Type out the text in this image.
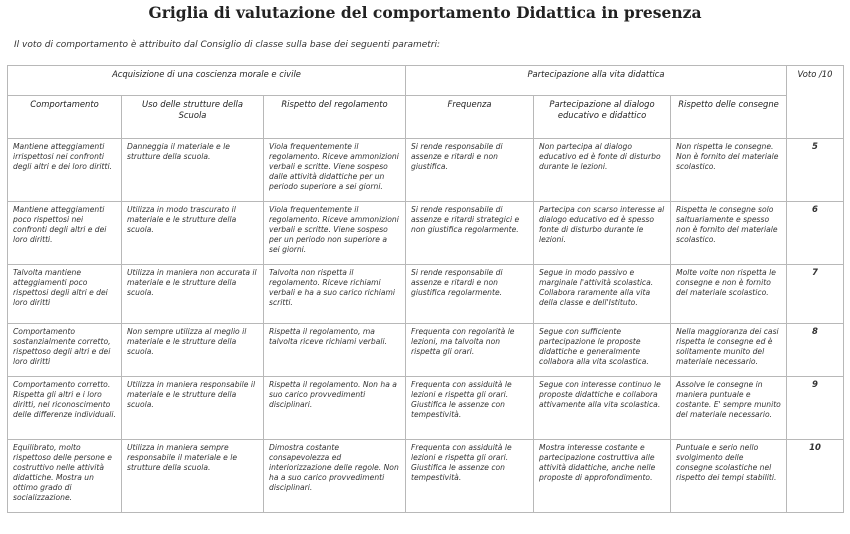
Griglia di valutazione del comportamento Didattica in presenza
Il voto di comportamento è attribuito dal Consiglio di classe sulla base dei seguenti parametri:
Acquisizione di una coscienza morale e civile			Partecipazione alla vita didattica			Voto /10
Comportamento	Uso delle strutture della Scuola	Rispetto del regolamento	Frequenza	Partecipazione al dialogo educativo e didattico	Rispetto delle consegne	
Mantiene atteggiamenti irrispettosi nei confronti degli altri e dei loro diritti.	Danneggia il materiale e le strutture della scuola.	Viola frequentemente il regolamento. Riceve ammonizioni verbali e scritte. Viene sospeso dalle attività didattiche per un periodo superiore a sei giorni.	Si rende responsabile di assenze e ritardi e non giustifica.	Non partecipa al dialogo educativo ed è fonte di disturbo durante le lezioni.	Non rispetta le consegne. Non è fornito del materiale scolastico.	5
Mantiene atteggiamenti poco rispettosi nei confronti degli altri e dei loro diritti.	Utilizza in modo trascurato il materiale e le strutture della scuola.	Viola frequentemente il regolamento. Riceve ammonizioni verbali e scritte. Viene sospeso per un periodo non superiore a sei giorni.	Si rende responsabile di assenze e ritardi strategici e non giustifica regolarmente.	Partecipa con scarso interesse al dialogo educativo ed è spesso fonte di disturbo durante le lezioni.	Rispetta le consegne solo saltuariamente e spesso non è fornito del materiale scolastico.	6
Talvolta mantiene atteggiamenti poco rispettosi degli altri e dei loro diritti	Utilizza in maniera non accurata il materiale e le strutture della scuola.	Talvolta non rispetta il regolamento. Riceve richiami verbali e ha a suo carico richiami scritti.	Si rende responsabile di assenze e ritardi e non giustifica regolarmente.	Segue in modo passivo e marginale l'attività scolastica. Collabora raramente alla vita della classe e dell'Istituto.	Molte volte non rispetta le consegne e non è fornito del materiale scolastico.	7
Comportamento sostanzialmente corretto, rispettoso degli altri e dei loro diritti	Non sempre utilizza al meglio il materiale e le strutture della scuola.	Rispetta il regolamento, ma talvolta riceve richiami verbali.	Frequenta con regolarità le lezioni, ma talvolta non rispetta gli orari.	Segue con sufficiente partecipazione le proposte didattiche e generalmente collabora alla vita scolastica.	Nella maggioranza dei casi rispetta le consegne ed è solitamente munito del materiale necessario.	8
Comportamento corretto. Rispetta gli altri e i loro diritti, nel riconoscimento delle differenze individuali.	Utilizza in maniera responsabile il materiale e le strutture della scuola.	Rispetta il regolamento. Non ha a suo carico provvedimenti disciplinari.	Frequenta con assiduità le lezioni e rispetta gli orari. Giustifica le assenze con tempestività.	Segue con interesse continuo le proposte didattiche e collabora attivamente alla vita scolastica.	Assolve le consegne in maniera puntuale e costante. E' sempre munito del materiale necessario.	9
Equilibrato, molto rispettoso delle persone e costruttivo nelle attività didattiche. Mostra un ottimo grado di socializzazione.	Utilizza in maniera sempre responsabile il materiale e le strutture della scuola.	Dimostra costante consapevolezza ed interiorizzazione delle regole. Non ha a suo carico provvedimenti disciplinari.	Frequenta con assiduità le lezioni e rispetta gli orari. Giustifica le assenze con tempestività.	Mostra interesse costante e partecipazione costruttiva alle attività didattiche, anche nelle proposte di approfondimento.	Puntuale e serio nello svolgimento delle consegne scolastiche nel rispetto dei tempi stabiliti.	10
